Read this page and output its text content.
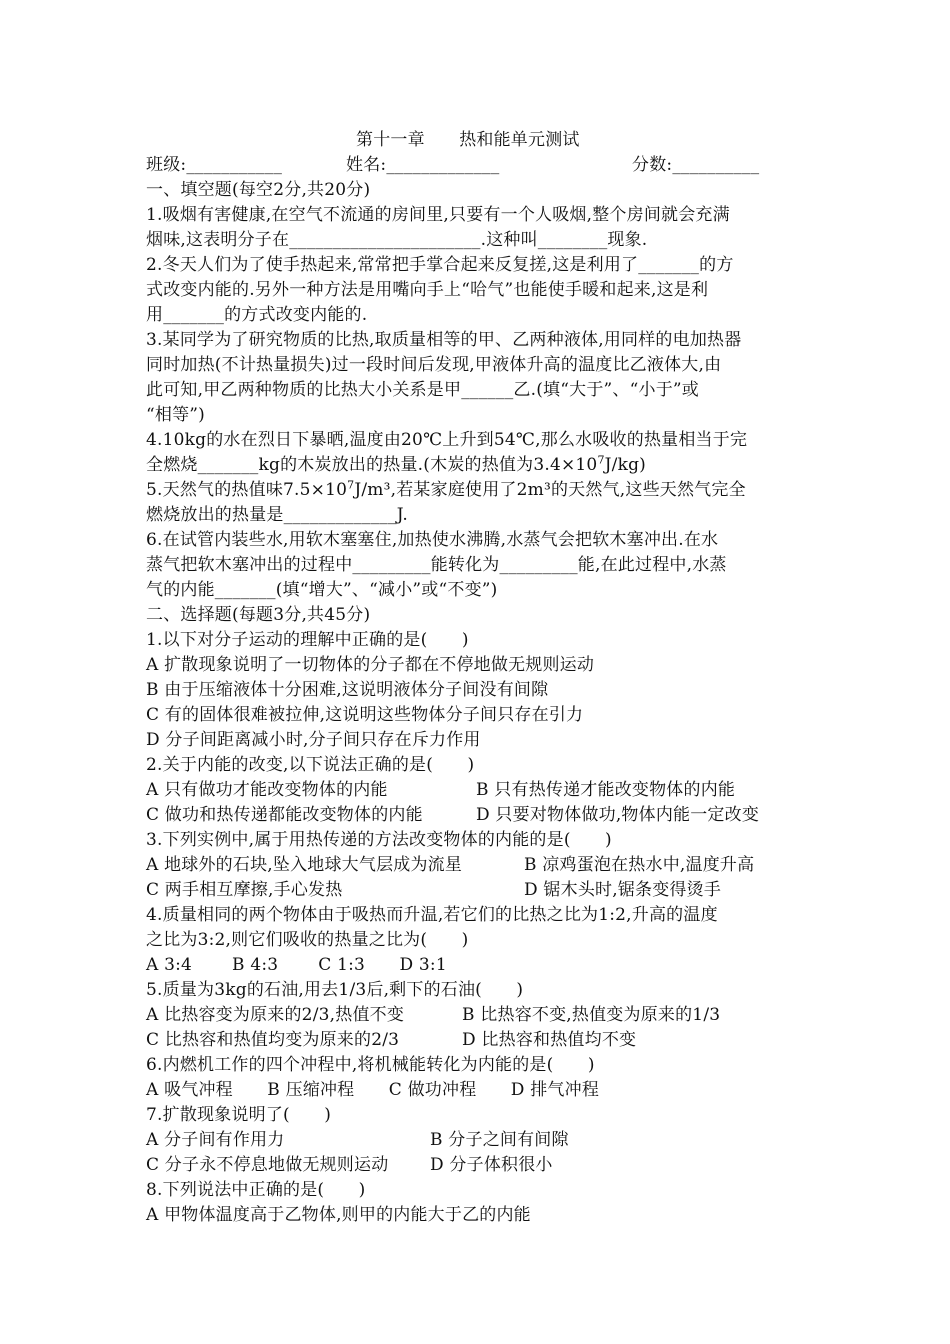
第十一章　　热和能单元测试
班级:___________	姓名:_____________	分数:__________
一、填空题(每空2分,共20分)
1.吸烟有害健康,在空气不流通的房间里,只要有一个人吸烟,整个房间就会充满
烟味,这表明分子在______________________.这种叫________现象.
2.冬天人们为了使手热起来,常常把手掌合起来反复搓,这是利用了_______的方
式改变内能的.另外一种方法是用嘴向手上“哈气”也能使手暖和起来,这是利
用_______的方式改变内能的.
3.某同学为了研究物质的比热,取质量相等的甲、乙两种液体,用同样的电加热器
同时加热(不计热量损失)过一段时间后发现,甲液体升高的温度比乙液体大,由
此可知,甲乙两种物质的比热大小关系是甲______乙.(填“大于”、“小于”或
“相等”)
4.10kg的水在烈日下暴晒,温度由20℃上升到54℃,那么水吸收的热量相当于完
全燃烧_______kg的木炭放出的热量.(木炭的热值为$3.4\times 10^7J/kg$)
5.天然气的热值味$7.5\times 10^7J/m^3$,若某家庭使用了2m³的天然气,这些天然气完全
燃烧放出的热量是_____________J.
6.在试管内装些水,用软木塞塞住,加热使水沸腾,水蒸气会把软木塞冲出.在水
蒸气把软木塞冲出的过程中_________能转化为_________能,在此过程中,水蒸
气的内能_______(填“增大”、“减小”或“不变”)
二、选择题(每题3分,共45分)
1.以下对分子运动的理解中正确的是(　　)
A 扩散现象说明了一切物体的分子都在不停地做无规则运动
B 由于压缩液体十分困难,这说明液体分子间没有间隙
C 有的固体很难被拉伸,这说明这些物体分子间只存在引力
D 分子间距离减小时,分子间只存在斥力作用
2.关于内能的改变,以下说法正确的是(　　)
A 只有做功才能改变物体的内能	B 只有热传递才能改变物体的内能
C 做功和热传递都能改变物体的内能	D 只要对物体做功,物体内能一定改变
3.下列实例中,属于用热传递的方法改变物体的内能的是(　　)
A 地球外的石块,坠入地球大气层成为流星	B 凉鸡蛋泡在热水中,温度升高
C 两手相互摩擦,手心发热	D 锯木头时,锯条变得烫手
4.质量相同的两个物体由于吸热而升温,若它们的比热之比为1:2,升高的温度
之比为3:2,则它们吸收的热量之比为(　　)
A 3:4　　 B 4:3　　 C 1:3　　D 3:1
5.质量为3kg的石油,用去1/3后,剩下的石油(　　)
A 比热容变为原来的2/3,热值不变	B 比热容不变,热值变为原来的1/3
C 比热容和热值均变为原来的2/3	D 比热容和热值均不变
6.内燃机工作的四个冲程中,将机械能转化为内能的是(　　)
A 吸气冲程　　B 压缩冲程　　C 做功冲程　　D 排气冲程
7.扩散现象说明了(　　)
A 分子间有作用力	B 分子之间有间隙
C 分子永不停息地做无规则运动 D 分子体积很小
8.下列说法中正确的是(　　)
A 甲物体温度高于乙物体,则甲的内能大于乙的内能
